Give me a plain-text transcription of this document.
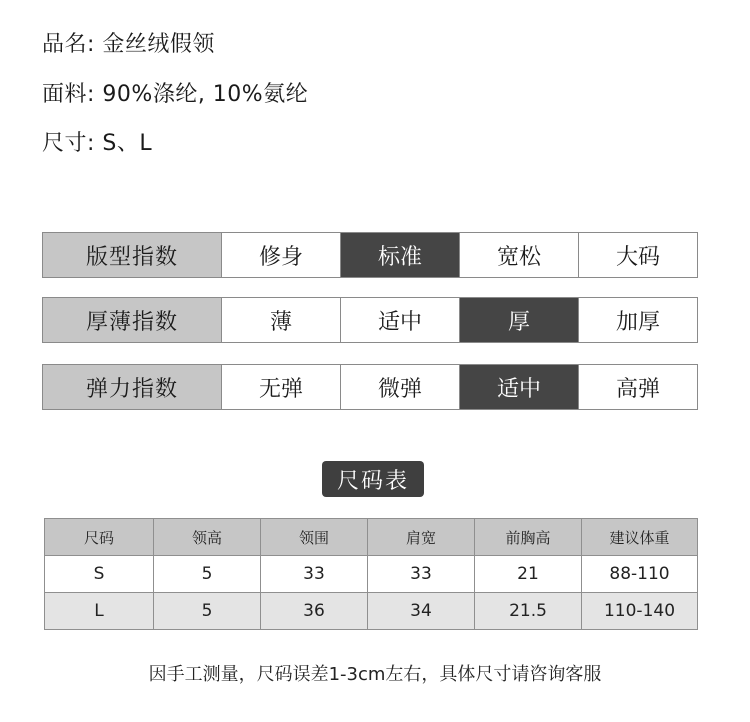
品名: 金丝绒假领
面料: 90%涤纶, 10%氨纶
尺寸: S、L
版型指数	修身	标准	宽松	大码
厚薄指数	薄	适中	厚	加厚
弹力指数	无弹	微弹	适中	高弹
尺码表
尺码	领高	领围	肩宽	前胸高	建议体重
S	5	33	33	21	88-110
L	5	36	34	21.5	110-140
因手工测量，尺码误差1-3cm左右，具体尺寸请咨询客服
